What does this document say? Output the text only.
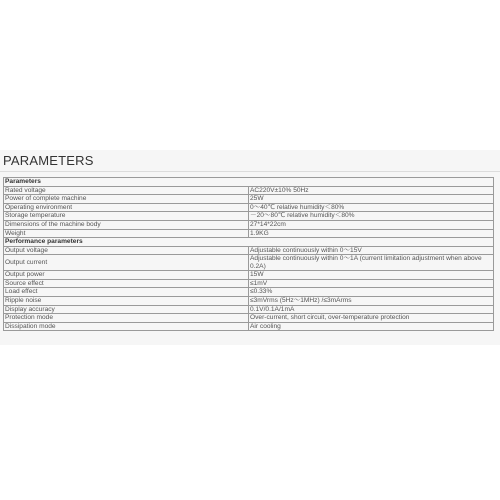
PARAMETERS
Parameters	
Rated voltage	AC220V±10% 50Hz
Power of complete machine	25W
Operating environment	0～40℃ relative humidity＜80%
Storage temperature	－20～80℃ relative humidity＜80%
Dimensions of the machine body	27*14*22cm
Weight	1.9KG
Performance parameters	
Output voltage	Adjustable continuously within 0～15V
Output current	Adjustable continuously within 0～1A (current limitation adjustment when above 0.2A)
Output power	15W
Source effect	≤1mV
Load effect	≤0.33%
Ripple noise	≤3mVrms (5Hz～1MHz) /≤3mArms
Display accuracy	0.1V/0.1A/1mA
Protection mode	Over-current, short circuit, over-temperature protection
Dissipation mode	Air cooling
